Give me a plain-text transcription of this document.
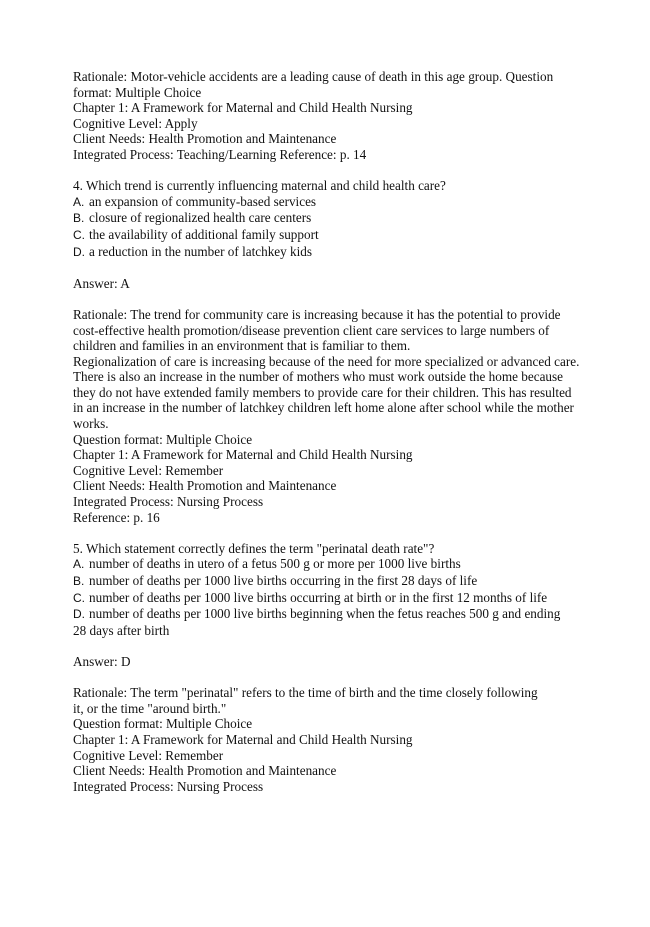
Rationale: Motor-vehicle accidents are a leading cause of death in this age group. Question
format: Multiple Choice
Chapter 1: A Framework for Maternal and Child Health Nursing
Cognitive Level: Apply
Client Needs: Health Promotion and Maintenance
Integrated Process: Teaching/Learning Reference: p. 14
4. Which trend is currently influencing maternal and child health care?
A. an expansion of community-based services
B. closure of regionalized health care centers
C. the availability of additional family support
D. a reduction in the number of latchkey kids
Answer: A
Rationale: The trend for community care is increasing because it has the potential to provide
cost-effective health promotion/disease prevention client care services to large numbers of
children and families in an environment that is familiar to them.
Regionalization of care is increasing because of the need for more specialized or advanced care.
There is also an increase in the number of mothers who must work outside the home because
they do not have extended family members to provide care for their children. This has resulted
in an increase in the number of latchkey children left home alone after school while the mother
works.
Question format: Multiple Choice
Chapter 1: A Framework for Maternal and Child Health Nursing
Cognitive Level: Remember
Client Needs: Health Promotion and Maintenance
Integrated Process: Nursing Process
Reference: p. 16
5. Which statement correctly defines the term "perinatal death rate"?
A. number of deaths in utero of a fetus 500 g or more per 1000 live births
B. number of deaths per 1000 live births occurring in the first 28 days of life
C. number of deaths per 1000 live births occurring at birth or in the first 12 months of life
D. number of deaths per 1000 live births beginning when the fetus reaches 500 g and ending
28 days after birth
Answer: D
Rationale: The term "perinatal" refers to the time of birth and the time closely following
it, or the time "around birth."
Question format: Multiple Choice
Chapter 1: A Framework for Maternal and Child Health Nursing
Cognitive Level: Remember
Client Needs: Health Promotion and Maintenance
Integrated Process: Nursing Process
